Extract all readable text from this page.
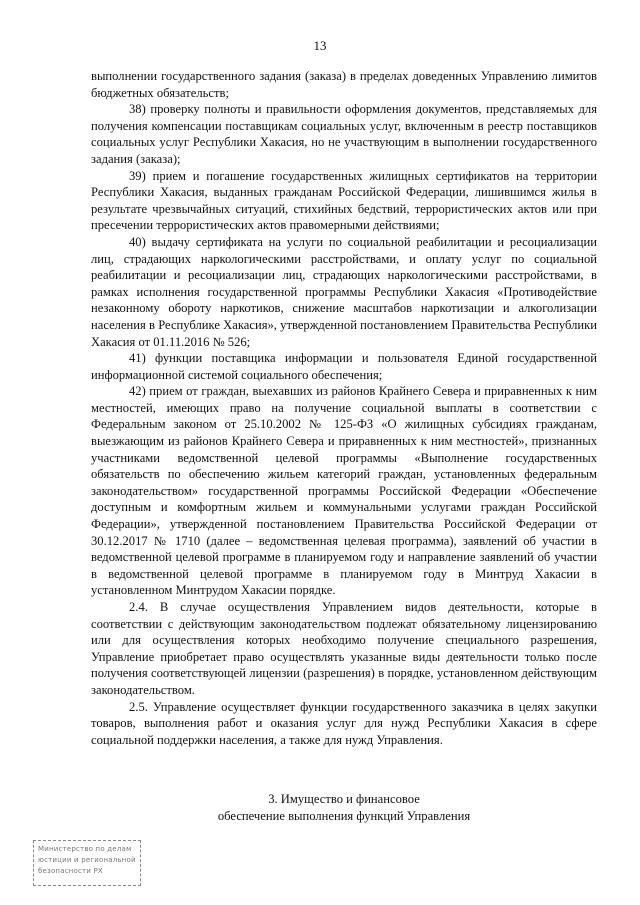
13

выполнении государственного задания (заказа) в пределах доведенных Управлению лимитов бюджетных обязательств;

38) проверку полноты и правильности оформления документов, представляемых для получения компенсации поставщикам социальных услуг, включенным в реестр поставщиков социальных услуг Республики Хакасия, но не участвующим в выполнении государственного задания (заказа);

39) прием и погашение государственных жилищных сертификатов на территории Республики Хакасия, выданных гражданам Российской Федерации, лишившимся жилья в результате чрезвычайных ситуаций, стихийных бедствий, террористических актов или при пресечении террористических актов правомерными действиями;

40) выдачу сертификата на услуги по социальной реабилитации и ресоциализации лиц, страдающих наркологическими расстройствами, и оплату услуг по социальной реабилитации и ресоциализации лиц, страдающих наркологическими расстройствами, в рамках исполнения государственной программы Республики Хакасия «Противодействие незаконному обороту наркотиков, снижение масштабов наркотизации и алкоголизации населения в Республике Хакасия», утвержденной постановлением Правительства Республики Хакасия от 01.11.2016 № 526;

41) функции поставщика информации и пользователя Единой государственной информационной системой социального обеспечения;

42) прием от граждан, выехавших из районов Крайнего Севера и приравненных к ним местностей, имеющих право на получение социальной выплаты в соответствии с Федеральным законом от 25.10.2002 № 125-ФЗ «О жилищных субсидиях гражданам, выезжающим из районов Крайнего Севера и приравненных к ним местностей», признанных участниками ведомственной целевой программы «Выполнение государственных обязательств по обеспечению жильем категорий граждан, установленных федеральным законодательством» государственной программы Российской Федерации «Обеспечение доступным и комфортным жильем и коммунальными услугами граждан Российской Федерации», утвержденной постановлением Правительства Российской Федерации от 30.12.2017 № 1710 (далее – ведомственная целевая программа), заявлений об участии в ведомственной целевой программе в планируемом году и направление заявлений об участии в ведомственной целевой программе в планируемом году в Минтруд Хакасии в установленном Минтрудом Хакасии порядке.

2.4. В случае осуществления Управлением видов деятельности, которые в соответствии с действующим законодательством подлежат обязательному лицензированию или для осуществления которых необходимо получение специального разрешения, Управление приобретает право осуществлять указанные виды деятельности только после получения соответствующей лицензии (разрешения) в порядке, установленном действующим законодательством.

2.5. Управление осуществляет функции государственного заказчика в целях закупки товаров, выполнения работ и оказания услуг для нужд Республики Хакасия в сфере социальной поддержки населения, а также для нужд Управления.

3. Имущество и финансовое
обеспечение выполнения функций Управления
Министерство по делам
юстиции и региональной
безопасности РХ
